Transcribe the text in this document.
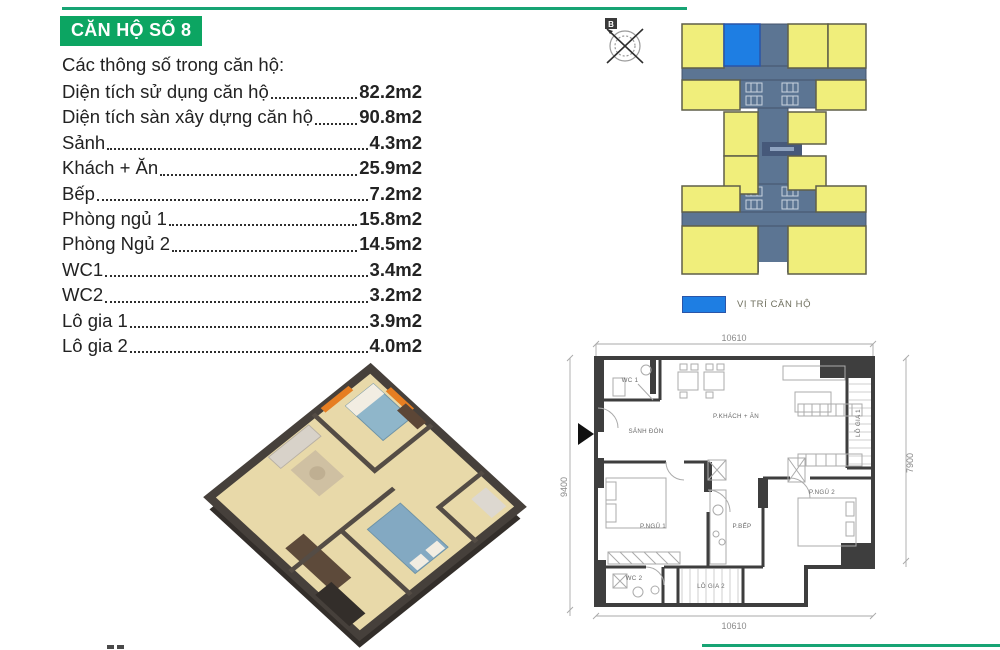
CĂN HỘ SỐ 8
Các thông số trong căn hộ:
Diện tích sử dụng căn hộ	82.2m2
Diện tích sàn xây dựng căn hộ	90.8m2
Sảnh	4.3m2
Khách + Ăn	25.9m2
Bếp	7.2m2
Phòng ngủ 1	15.8m2
Phòng Ngủ 2	14.5m2
WC1	3.4m2
WC2	3.2m2
Lô gia 1	3.9m2
Lô gia 2	4.0m2
B
VỊ TRÍ CĂN HỘ
10610
10610
9400
7900
WC 1
SẢNH ĐÓN
P.KHÁCH + ĂN	LÔ GIA 1
P.NGỦ 1	P.BẾP
P.NGỦ 2
WC 2
LÔ GIA 2
